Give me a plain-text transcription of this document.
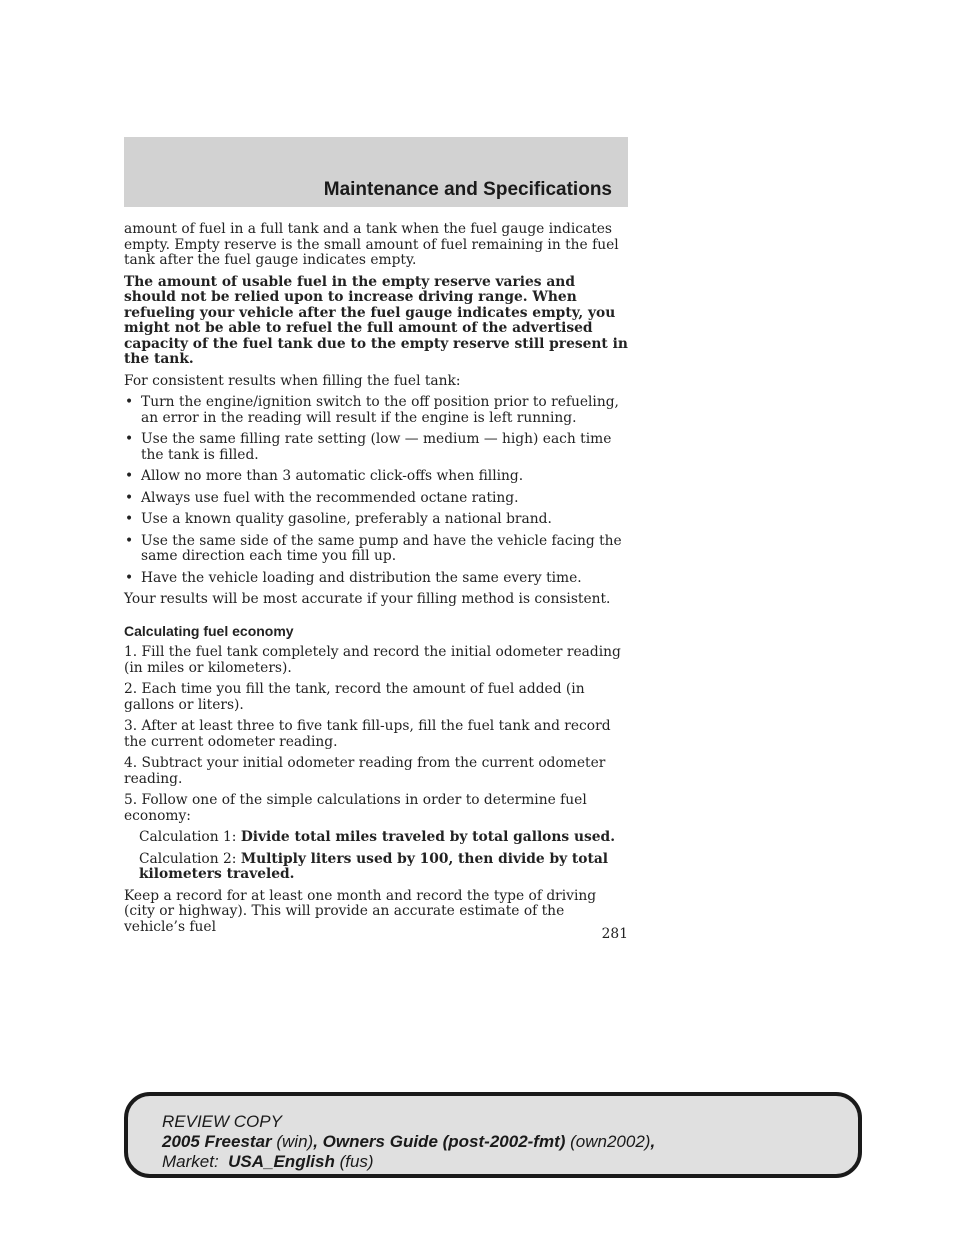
Maintenance and Specifications

amount of fuel in a full tank and a tank when the fuel gauge indicates empty. Empty reserve is the small amount of fuel remaining in the fuel tank after the fuel gauge indicates empty.

The amount of usable fuel in the empty reserve varies and should not be relied upon to increase driving range. When refueling your vehicle after the fuel gauge indicates empty, you might not be able to refuel the full amount of the advertised capacity of the fuel tank due to the empty reserve still present in the tank.

For consistent results when filling the fuel tank:

• Turn the engine/ignition switch to the off position prior to refueling, an error in the reading will result if the engine is left running.
• Use the same filling rate setting (low — medium — high) each time the tank is filled.
• Allow no more than 3 automatic click-offs when filling.
• Always use fuel with the recommended octane rating.
• Use a known quality gasoline, preferably a national brand.
• Use the same side of the same pump and have the vehicle facing the same direction each time you fill up.
• Have the vehicle loading and distribution the same every time.

Your results will be most accurate if your filling method is consistent.

Calculating fuel economy

1. Fill the fuel tank completely and record the initial odometer reading (in miles or kilometers).

2. Each time you fill the tank, record the amount of fuel added (in gallons or liters).

3. After at least three to five tank fill-ups, fill the fuel tank and record the current odometer reading.

4. Subtract your initial odometer reading from the current odometer reading.

5. Follow one of the simple calculations in order to determine fuel economy:

Calculation 1: Divide total miles traveled by total gallons used.

Calculation 2: Multiply liters used by 100, then divide by total kilometers traveled.

Keep a record for at least one month and record the type of driving (city or highway). This will provide an accurate estimate of the vehicle’s fuel	281
REVIEW COPY
2005 Freestar (win), Owners Guide (post-2002-fmt) (own2002),
Market:  USA_English (fus)
